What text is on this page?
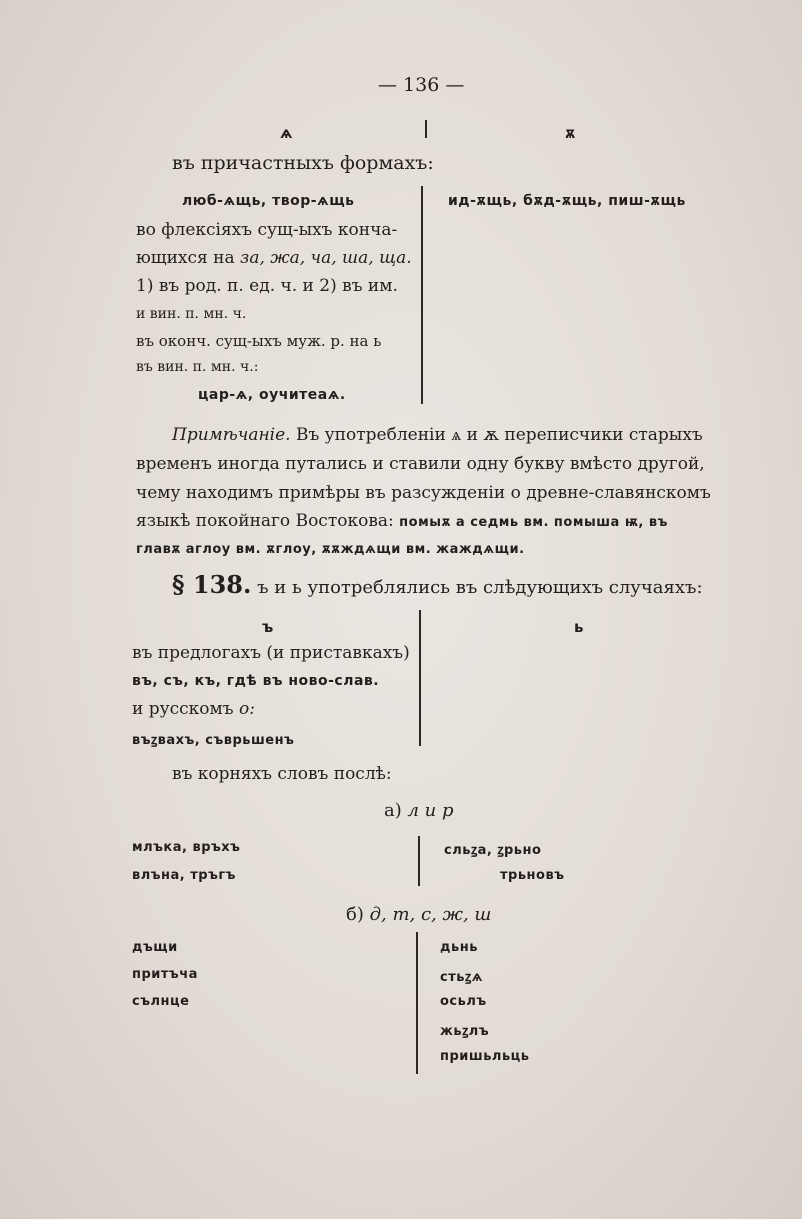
— 136 —
ѧ	ѫ
въ причастныхъ формахъ:
люб-ѧщь, твор-ѧщь
во флексіяхъ сущ-ыхъ конча-
ющихся на за, жа, ча, ша, ща.
1) въ род. п. ед. ч. и 2) въ им.
и вин. п. мн. ч.
въ оконч. сущ-ыхъ муж. р. на ь
въ вин. п. мн. ч.:
цар-ѧ, оучитеаѧ.
ид-ѫщь, бѫд-ѫщь, пиш-ѫщь
Примѣчаніе. Въ употребленіи ѧ и ѫ переписчики старыхъ
временъ иногда путались и ставили одну букву вмѣсто другой,
чему находимъ примѣры въ разсужденіи о древне-славянскомъ
языкѣ покойнаго Востокова: помыѫ а седмь вм. помыша ѭ, въ
главѫ аглоу вм. ѫглоу, ѫѫждѧщи вм. жаждѧщи.
§ 138. ъ и ь употреблялись въ слѣдующихъ случаяхъ:
ъ	ь
въ предлогахъ (и приставкахъ)
въ, съ, къ, гдѣ въ ново-слав.
и русскомъ о:
въꙁвахъ, съврьшенъ
въ корняхъ словъ послѣ:
а) л и р
млъка, връхъ
влъна, тръгъ
сльꙁа, ꙁрьно
трьновъ
б) д, т, с, ж, ш
дъщи
притъча
сълнце
дьнь
стьꙁѧ
осьлъ
жьꙁлъ
пришьльць
